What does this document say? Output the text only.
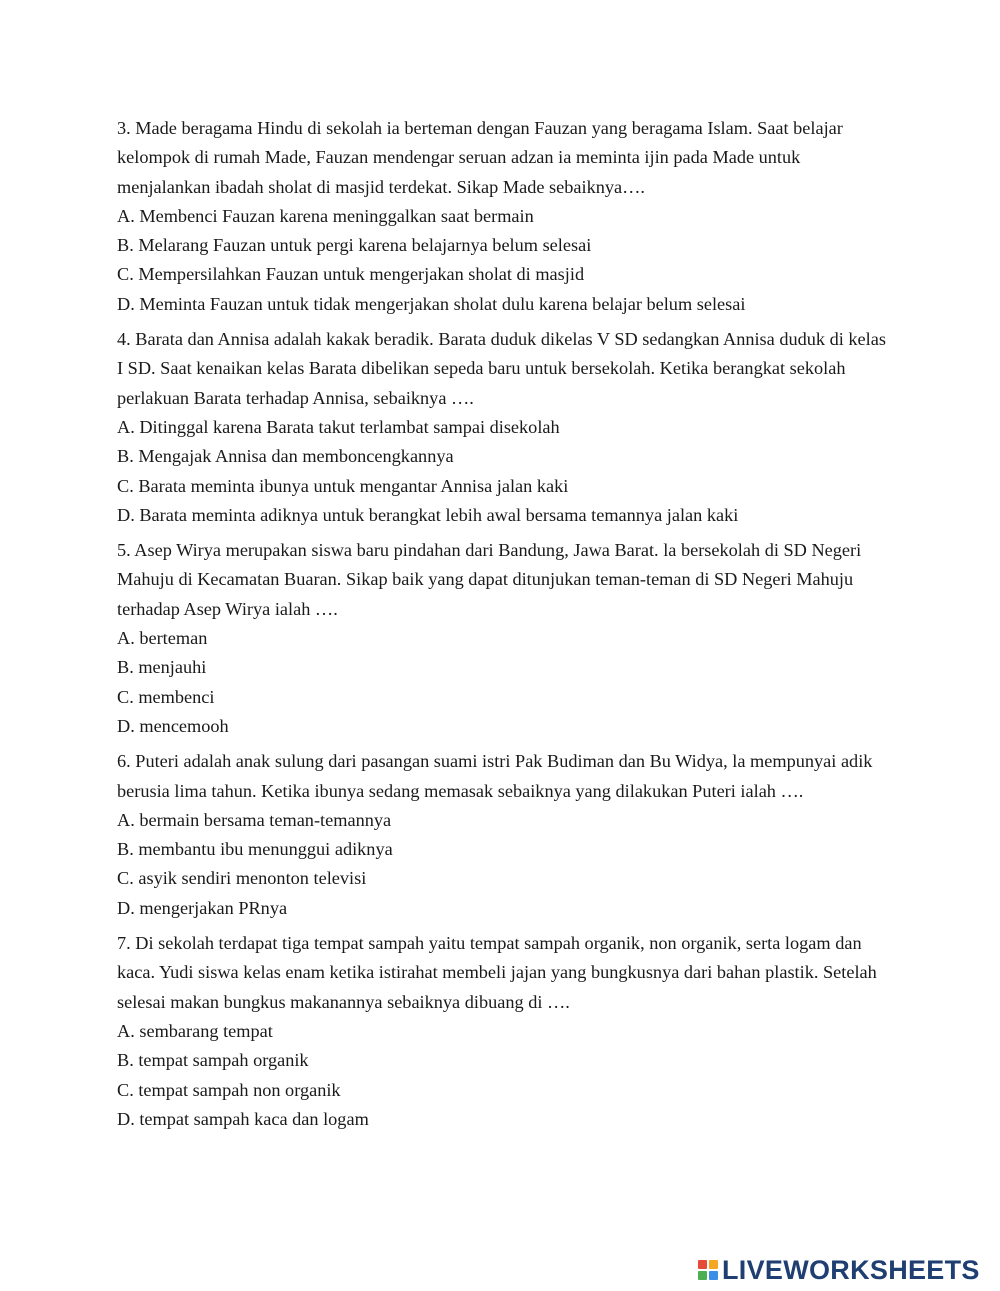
3. Made beragama Hindu di sekolah ia berteman dengan Fauzan yang beragama Islam. Saat belajar kelompok di rumah Made, Fauzan mendengar seruan adzan ia meminta ijin pada Made untuk menjalankan ibadah sholat di masjid terdekat. Sikap Made sebaiknya….

A. Membenci Fauzan karena meninggalkan saat bermain
B. Melarang Fauzan untuk pergi karena belajarnya belum selesai
C. Mempersilahkan Fauzan untuk mengerjakan sholat di masjid
D. Meminta Fauzan untuk tidak mengerjakan sholat dulu karena belajar belum selesai

4. Barata dan Annisa adalah kakak beradik. Barata duduk dikelas V SD sedangkan Annisa duduk di kelas I SD. Saat kenaikan kelas Barata dibelikan sepeda baru untuk bersekolah. Ketika berangkat sekolah perlakuan Barata terhadap Annisa, sebaiknya ….

A. Ditinggal karena Barata takut terlambat sampai disekolah
B. Mengajak Annisa dan memboncengkannya
C. Barata meminta ibunya untuk mengantar Annisa jalan kaki
D. Barata meminta adiknya untuk berangkat lebih awal bersama temannya jalan kaki

5. Asep Wirya merupakan siswa baru pindahan dari Bandung, Jawa Barat. la bersekolah di SD Negeri Mahuju di Kecamatan Buaran. Sikap baik yang dapat ditunjukan teman-teman di SD Negeri Mahuju terhadap Asep Wirya ialah ….

A. berteman
B. menjauhi
C. membenci
D. mencemooh

6. Puteri adalah anak sulung dari pasangan suami istri Pak Budiman dan Bu Widya, la mempunyai adik berusia lima tahun. Ketika ibunya sedang memasak sebaiknya yang dilakukan Puteri ialah ….

A. bermain bersama teman-temannya
B. membantu ibu menunggui adiknya
C. asyik sendiri menonton televisi
D. mengerjakan PRnya

7. Di sekolah terdapat tiga tempat sampah yaitu tempat sampah organik, non organik, serta logam dan kaca. Yudi siswa kelas enam ketika istirahat membeli jajan yang bungkusnya dari bahan plastik. Setelah selesai makan bungkus makanannya sebaiknya dibuang di ….

A. sembarang tempat
B. tempat sampah organik
C. tempat sampah non organik
D. tempat sampah kaca dan logam
LIVEWORKSHEETS
